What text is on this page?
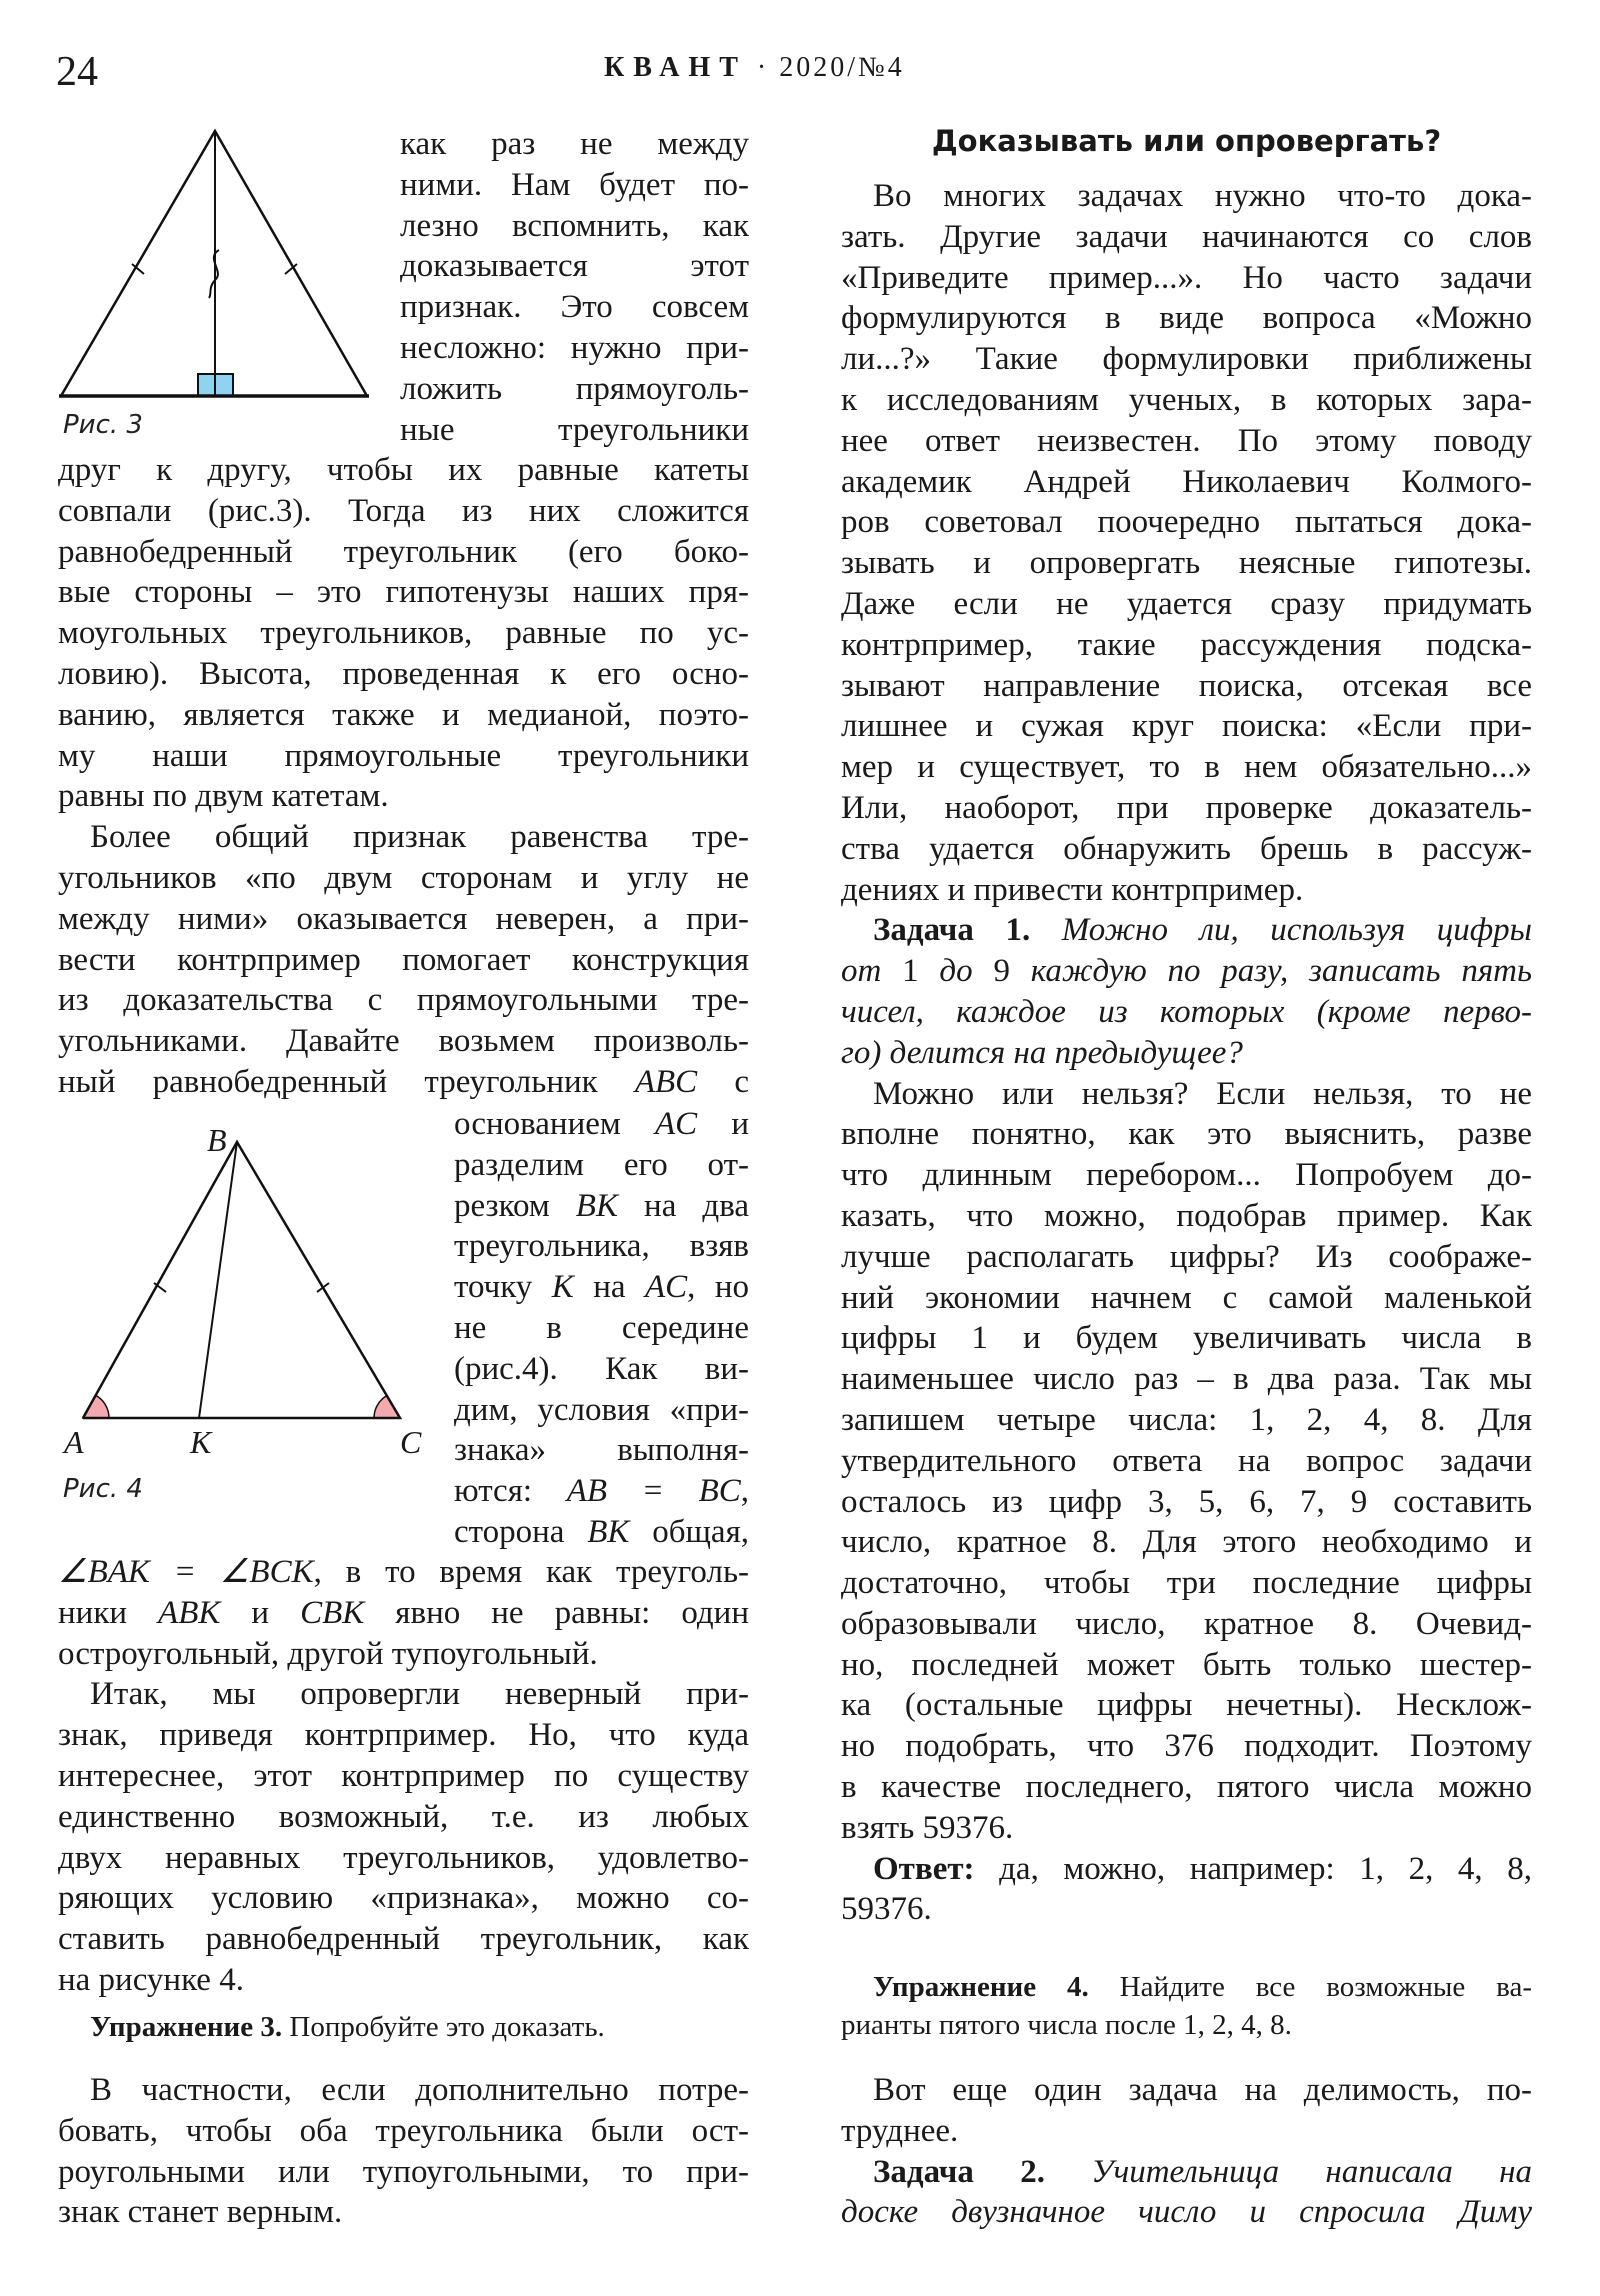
24	КВАНТ · 2020/№4
Рис. 3
Рис. 4
B
A	K	C
Доказывать или опровергать?
как раз не между
ними. Нам будет по-
лезно вспомнить, как
доказывается этот
признак. Это совсем
несложно: нужно при-
ложить прямоуголь-
ные треугольники
друг к другу, чтобы их равные катеты
совпали (рис.3). Тогда из них сложится
равнобедренный треугольник (его боко-
вые стороны – это гипотенузы наших пря-
моугольных треугольников, равные по ус-
ловию). Высота, проведенная к его осно-
ванию, является также и медианой, поэто-
му наши прямоугольные треугольники
равны по двум катетам.
Более общий признак равенства тре-
угольников «по двум сторонам и углу не
между ними» оказывается неверен, а при-
вести контрпример помогает конструкция
из доказательства с прямоугольными тре-
угольниками. Давайте возьмем произволь-
ный равнобедренный треугольник ABC с
основанием AC и
разделим его от-
резком BK на два
треугольника, взяв
точку K на AC, но
не в середине
(рис.4). Как ви-
дим, условия «при-
знака» выполня-
ются: AB = BC,
сторона BK общая,
∠BAK = ∠BCK, в то время как треуголь-
ники ABK и CBK явно не равны: один
остроугольный, другой тупоугольный.
Итак, мы опровергли неверный при-
знак, приведя контрпример. Но, что куда
интереснее, этот контрпример по существу
единственно возможный, т.е. из любых
двух неравных треугольников, удовлетво-
ряющих условию «признака», можно со-
ставить равнобедренный треугольник, как
на рисунке 4.
Упражнение 3. Попробуйте это доказать.
В частности, если дополнительно потре-
бовать, чтобы оба треугольника были ост-
роугольными или тупоугольными, то при-
знак станет верным.
Во многих задачах нужно что-то дока-
зать. Другие задачи начинаются со слов
«Приведите пример...». Но часто задачи
формулируются в виде вопроса «Можно
ли...?» Такие формулировки приближены
к исследованиям ученых, в которых зара-
нее ответ неизвестен. По этому поводу
академик Андрей Николаевич Колмого-
ров советовал поочередно пытаться дока-
зывать и опровергать неясные гипотезы.
Даже если не удается сразу придумать
контрпример, такие рассуждения подска-
зывают направление поиска, отсекая все
лишнее и сужая круг поиска: «Если при-
мер и существует, то в нем обязательно...»
Или, наоборот, при проверке доказатель-
ства удается обнаружить брешь в рассуж-
дениях и привести контрпример.
Задача 1. Можно ли, используя цифры
от 1 до 9 каждую по разу, записать пять
чисел, каждое из которых (кроме перво-
го) делится на предыдущее?
Можно или нельзя? Если нельзя, то не
вполне понятно, как это выяснить, разве
что длинным перебором... Попробуем до-
казать, что можно, подобрав пример. Как
лучше располагать цифры? Из соображе-
ний экономии начнем с самой маленькой
цифры 1 и будем увеличивать числа в
наименьшее число раз – в два раза. Так мы
запишем четыре числа: 1, 2, 4, 8. Для
утвердительного ответа на вопрос задачи
осталось из цифр 3, 5, 6, 7, 9 составить
число, кратное 8. Для этого необходимо и
достаточно, чтобы три последние цифры
образовывали число, кратное 8. Очевид-
но, последней может быть только шестер-
ка (остальные цифры нечетны). Несклож-
но подобрать, что 376 подходит. Поэтому
в качестве последнего, пятого числа можно
взять 59376.
Ответ: да, можно, например: 1, 2, 4, 8,
59376.
Упражнение 4. Найдите все возможные ва-
рианты пятого числа после 1, 2, 4, 8.
Вот еще один задача на делимость, по-
труднее.
Задача 2. Учительница написала на
доске двузначное число и спросила Диму
